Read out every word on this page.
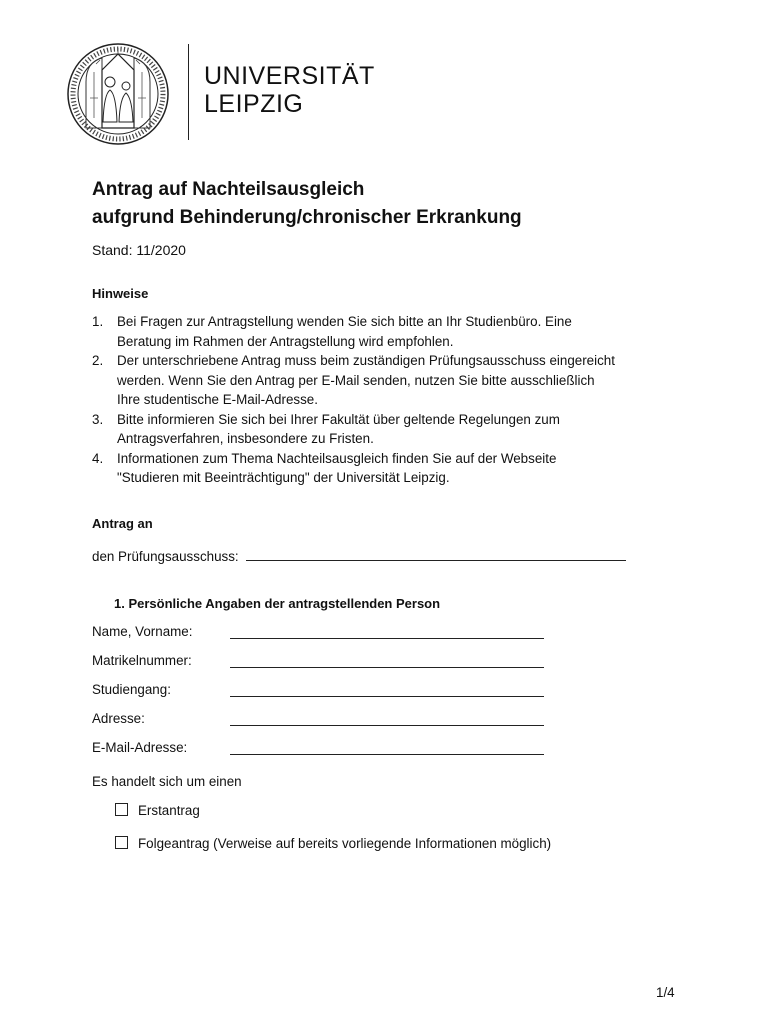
UNIVERSITÄT
LEIPZIG
Antrag auf Nachteilsausgleich
aufgrund Behinderung/chronischer Erkrankung
Stand: 11/2020
Hinweise
1. Bei Fragen zur Antragstellung wenden Sie sich bitte an Ihr Studienbüro. Eine
Beratung im Rahmen der Antragstellung wird empfohlen.
2. Der unterschriebene Antrag muss beim zuständigen Prüfungsausschuss eingereicht
werden. Wenn Sie den Antrag per E-Mail senden, nutzen Sie bitte ausschließlich
Ihre studentische E-Mail-Adresse.
3. Bitte informieren Sie sich bei Ihrer Fakultät über geltende Regelungen zum
Antragsverfahren, insbesondere zu Fristen.
4. Informationen zum Thema Nachteilsausgleich finden Sie auf der Webseite
"Studieren mit Beeinträchtigung" der Universität Leipzig.
Antrag an
den Prüfungsausschuss:
1. Persönliche Angaben der antragstellenden Person
Name, Vorname:
Matrikelnummer:
Studiengang:
Adresse:
E-Mail-Adresse:
Es handelt sich um einen
Erstantrag
Folgeantrag (Verweise auf bereits vorliegende Informationen möglich)
1/4
